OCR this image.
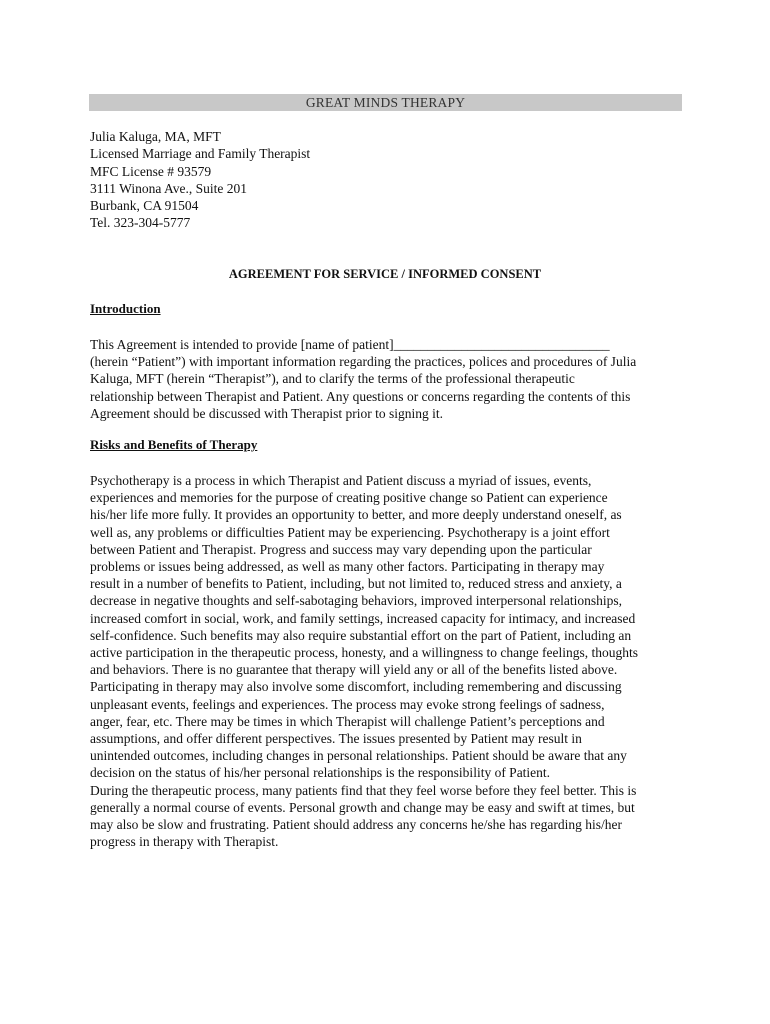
GREAT MINDS THERAPY
Julia Kaluga, MA, MFT
Licensed Marriage and Family Therapist
MFC License # 93579
3111 Winona Ave., Suite 201
Burbank, CA 91504
Tel. 323-304-5777
AGREEMENT FOR SERVICE / INFORMED CONSENT
Introduction
This Agreement is intended to provide [name of patient]________________________________
(herein “Patient”) with important information regarding the practices, polices and procedures of Julia
Kaluga, MFT (herein “Therapist”), and to clarify the terms of the professional therapeutic
relationship between Therapist and Patient. Any questions or concerns regarding the contents of this
Agreement should be discussed with Therapist prior to signing it.
Risks and Benefits of Therapy
Psychotherapy is a process in which Therapist and Patient discuss a myriad of issues, events,
experiences and memories for the purpose of creating positive change so Patient can experience
his/her life more fully. It provides an opportunity to better, and more deeply understand oneself, as
well as, any problems or difficulties Patient may be experiencing. Psychotherapy is a joint effort
between Patient and Therapist. Progress and success may vary depending upon the particular
problems or issues being addressed, as well as many other factors. Participating in therapy may
result in a number of benefits to Patient, including, but not limited to, reduced stress and anxiety, a
decrease in negative thoughts and self-sabotaging behaviors, improved interpersonal relationships,
increased comfort in social, work, and family settings, increased capacity for intimacy, and increased
self-confidence. Such benefits may also require substantial effort on the part of Patient, including an
active participation in the therapeutic process, honesty, and a willingness to change feelings, thoughts
and behaviors. There is no guarantee that therapy will yield any or all of the benefits listed above.
Participating in therapy may also involve some discomfort, including remembering and discussing
unpleasant events, feelings and experiences. The process may evoke strong feelings of sadness,
anger, fear, etc. There may be times in which Therapist will challenge Patient’s perceptions and
assumptions, and offer different perspectives. The issues presented by Patient may result in
unintended outcomes, including changes in personal relationships. Patient should be aware that any
decision on the status of his/her personal relationships is the responsibility of Patient.
During the therapeutic process, many patients find that they feel worse before they feel better. This is
generally a normal course of events. Personal growth and change may be easy and swift at times, but
may also be slow and frustrating. Patient should address any concerns he/she has regarding his/her
progress in therapy with Therapist.
